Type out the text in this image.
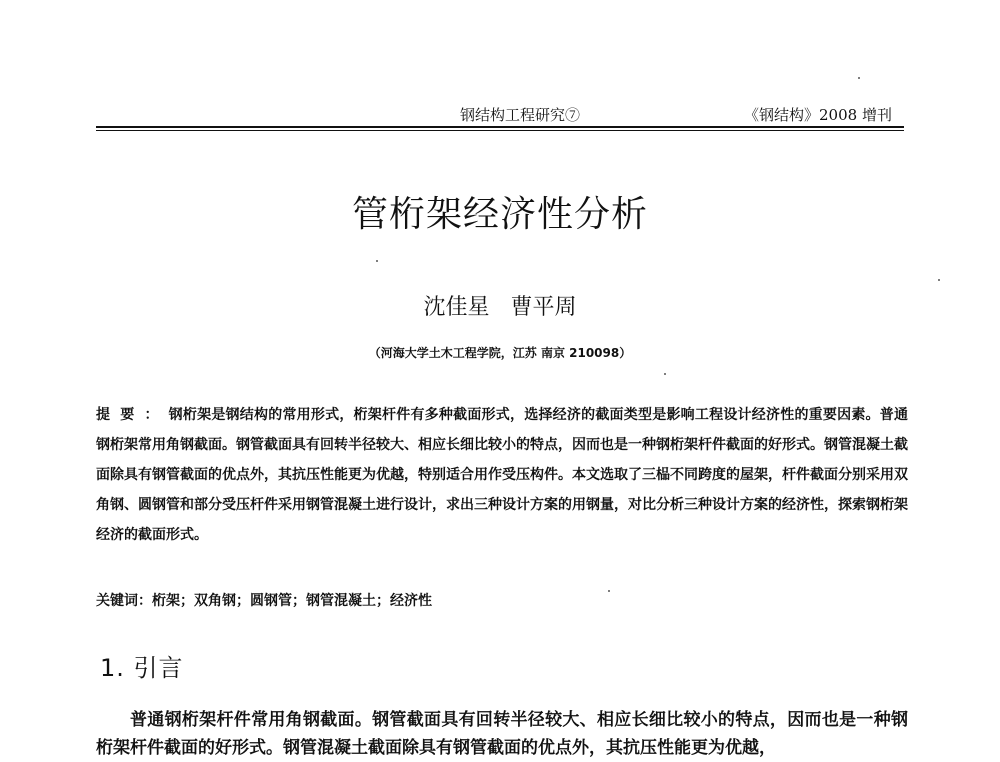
钢结构工程研究⑦	《钢结构》2008 增刊
管桁架经济性分析
沈佳星 曹平周
（河海大学土木工程学院，江苏 南京 210098）
提要：钢桁架是钢结构的常用形式，桁架杆件有多种截面形式，选择经济的截面类型是影响工程设计经济性的重要因素。普通钢桁架常用角钢截面。钢管截面具有回转半径较大、相应长细比较小的特点，因而也是一种钢桁架杆件截面的好形式。钢管混凝土截面除具有钢管截面的优点外，其抗压性能更为优越，特别适合用作受压构件。本文选取了三榀不同跨度的屋架，杆件截面分别采用双角钢、圆钢管和部分受压杆件采用钢管混凝土进行设计，求出三种设计方案的用钢量，对比分析三种设计方案的经济性，探索钢桁架经济的截面形式。
关键词：桁架；双角钢；圆钢管；钢管混凝土；经济性
1. 引言
普通钢桁架杆件常用角钢截面。钢管截面具有回转半径较大、相应长细比较小的特点，因而也是一种钢桁架杆件截面的好形式。钢管混凝土截面除具有钢管截面的优点外，其抗压性能更为优越，
